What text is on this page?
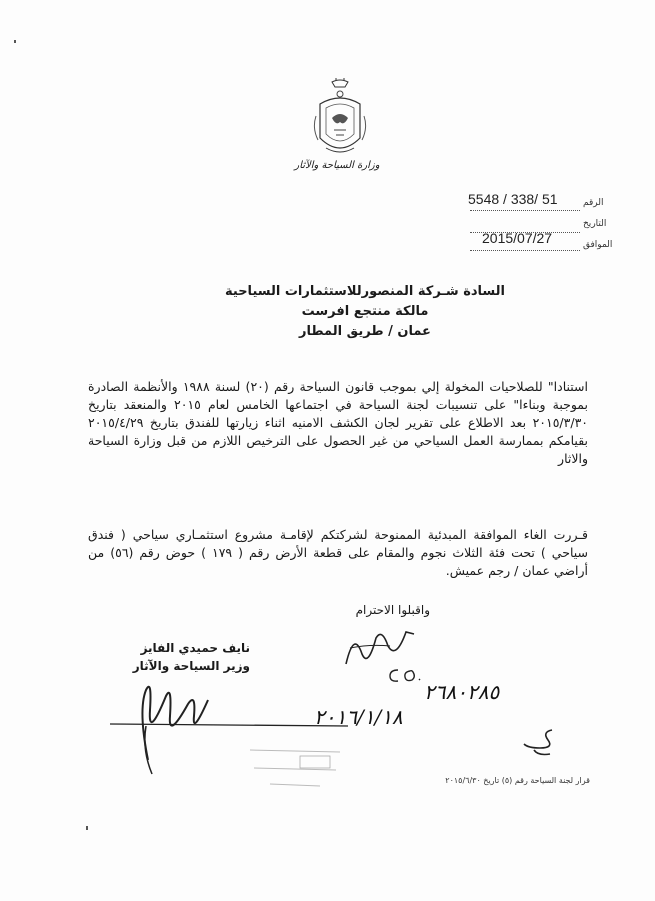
وزارة السياحة والآثار
5548 / 338/ 51	الرقم
التاريخ
2015/07/27	الموافق
السادة شـركة المنصورللاستثمارات السياحية
مالكة منتجع افرست
عمان / طريق المطار
استنادا" للصلاحيات المخولة إلي بموجب قانون السياحة رقم (٢٠) لسنة ١٩٨٨ والأنظمة الصادرة بموجبة وبناءا" على تنسيبات لجنة السياحة في اجتماعها الخامس لعام ٢٠١٥ والمنعقد بتاريخ ٢٠١٥/٣/٣٠ بعد الاطلاع على تقرير لجان الكشف الامنيه اثناء زيارتها للفندق بتاريخ ٢٠١٥/٤/٢٩ بقيامكم بممارسة العمل السياحي من غير الحصول على الترخيص اللازم من قبل وزارة السياحة والاثار
قـررت الغاء الموافقة المبدئية الممنوحة لشركتكم لإقامـة مشروع استثمـاري سياحي ( فندق سياحي ) تحت فئة الثلاث نجوم والمقام على قطعة الأرض رقم ( ١٧٩ ) حوض رقم (٥٦) من أراضي عمان / رجم عميش.
واقبلوا الاحترام
نايف حميدي الفايز
وزير السياحة والآثار
٢٦٨٠٢٨٥
٢٠١٦/١/١٨
قرار لجنة السياحة رقم (٥) تاريخ ٢٠١٥/٦/٣٠
